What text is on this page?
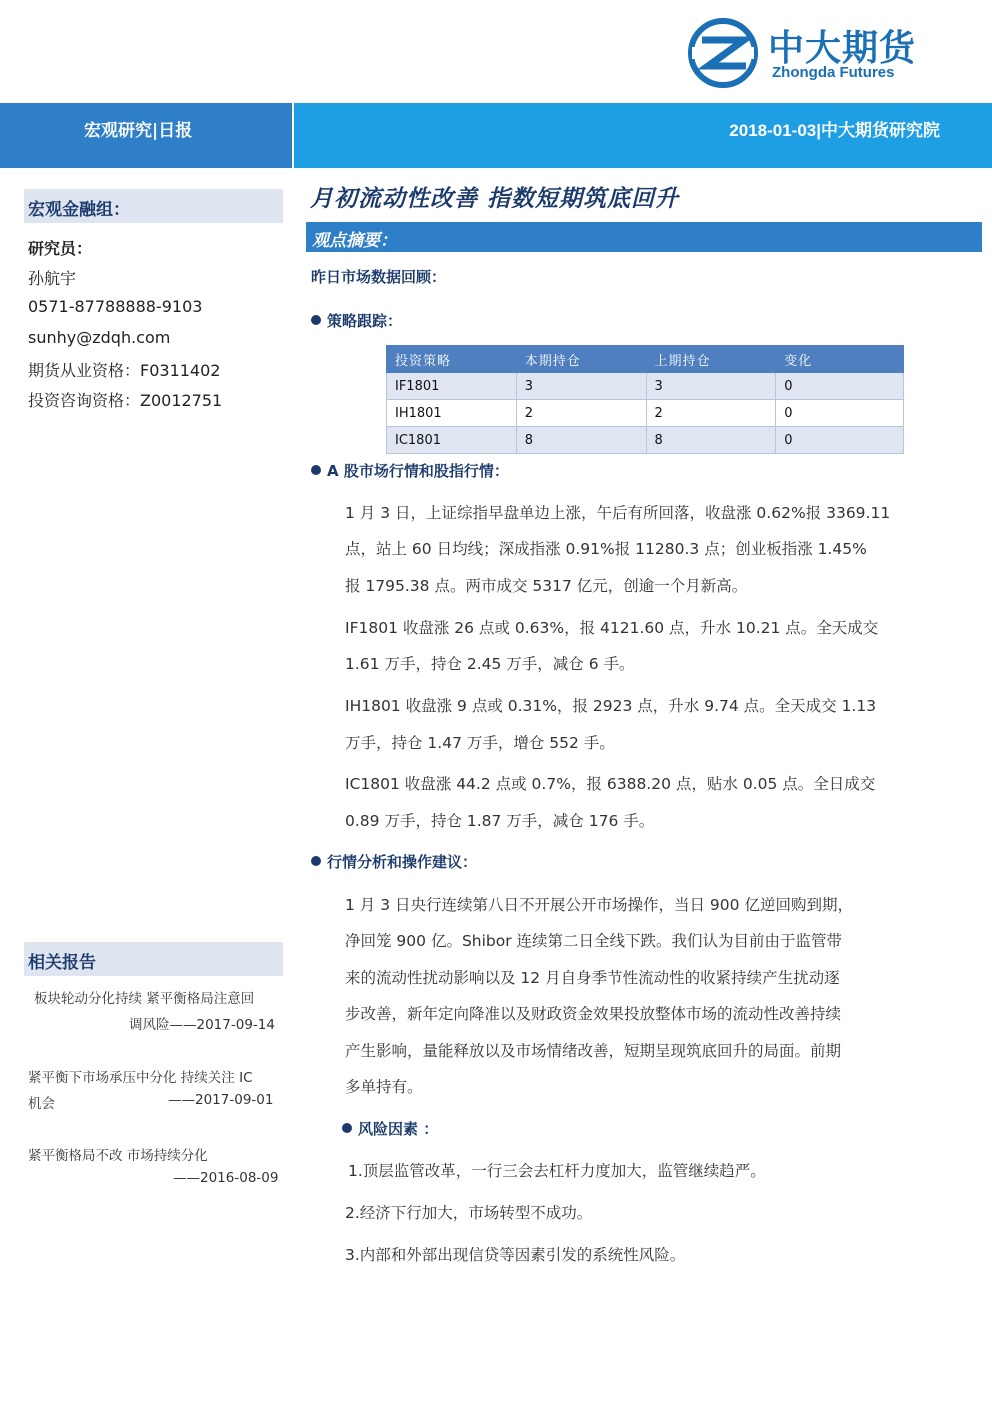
中大期货
Zhongda Futures
宏观研究|日报	2018-01-03|中大期货研究院
宏观金融组：
研究员：
孙航宇
0571-87788888-9103
sunhy@zdqh.com
期货从业资格：F0311402
投资咨询资格：Z0012751
相关报告
板块轮动分化持续 紧平衡格局注意回
调风险——2017-09-14
紧平衡下市场承压中分化 持续关注 IC
机会	——2017-09-01
紧平衡格局不改 市场持续分化
——2016-08-09
月初流动性改善 指数短期筑底回升
观点摘要：
昨日市场数据回顾：
策略跟踪：
投资策略	本期持仓	上期持仓	变化
IF1801	3	3	0
IH1801	2	2	0
IC1801	8	8	0
A 股市场行情和股指行情：
1 月 3 日，上证综指早盘单边上涨，午后有所回落，收盘涨 0.62%报 3369.11
点，站上 60 日均线；深成指涨 0.91%报 11280.3 点；创业板指涨 1.45%
报 1795.38 点。两市成交 5317 亿元，创逾一个月新高。
IF1801 收盘涨 26 点或 0.63%，报 4121.60 点，升水 10.21 点。全天成交
1.61 万手，持仓 2.45 万手，减仓 6 手。
IH1801 收盘涨 9 点或 0.31%，报 2923 点，升水 9.74 点。全天成交 1.13
万手，持仓 1.47 万手，增仓 552 手。
IC1801 收盘涨 44.2 点或 0.7%，报 6388.20 点，贴水 0.05 点。全日成交
0.89 万手，持仓 1.87 万手，减仓 176 手。
行情分析和操作建议：
1 月 3 日央行连续第八日不开展公开市场操作，当日 900 亿逆回购到期，
净回笼 900 亿。Shibor 连续第二日全线下跌。我们认为目前由于监管带
来的流动性扰动影响以及 12 月自身季节性流动性的收紧持续产生扰动逐
步改善，新年定向降准以及财政资金效果投放整体市场的流动性改善持续
产生影响，量能释放以及市场情绪改善，短期呈现筑底回升的局面。前期
多单持有。
风险因素 ：
1.顶层监管改革，一行三会去杠杆力度加大，监管继续趋严。
2.经济下行加大，市场转型不成功。
3.内部和外部出现信贷等因素引发的系统性风险。
